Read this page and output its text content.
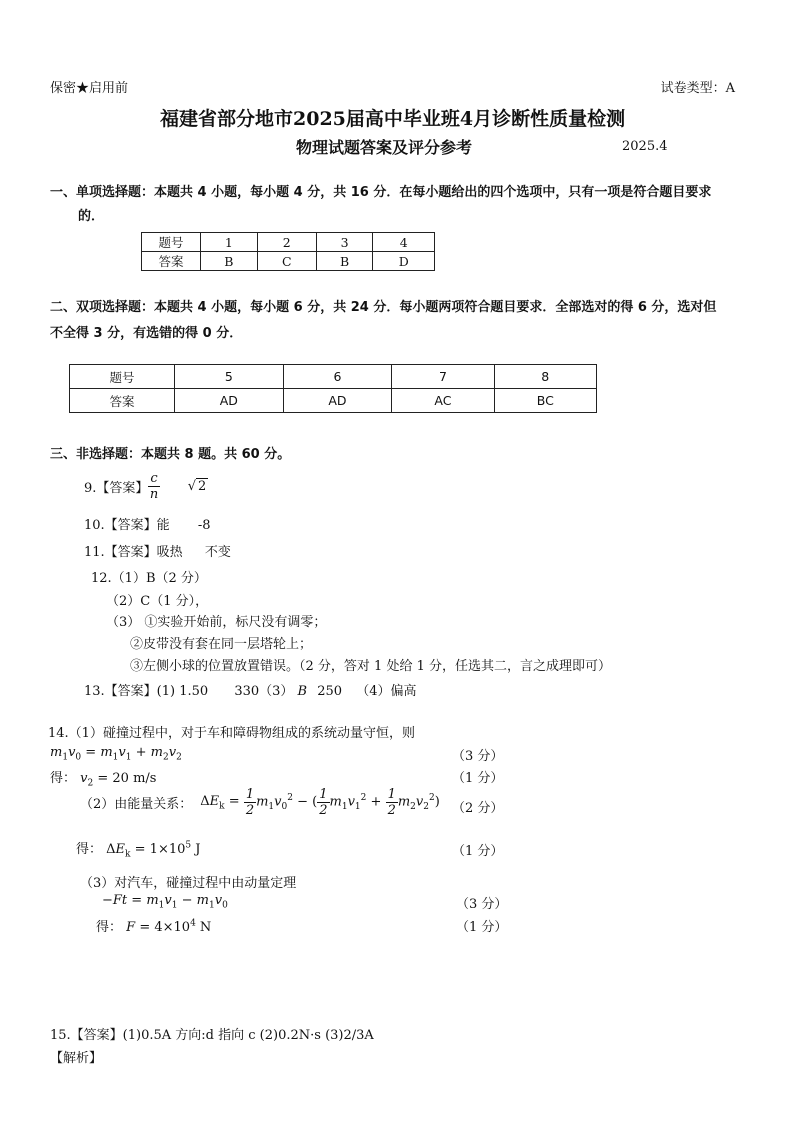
保密★启用前	试卷类型：A
福建省部分地市2025届高中毕业班4月诊断性质量检测
物理试题答案及评分参考	2025.4
一、单项选择题：本题共 4 小题，每小题 4 分，共 16 分．在每小题给出的四个选项中，只有一项是符合题目要求
的．
题号	1	2	3	4
答案	B	C	B	D
二、双项选择题：本题共 4 小题，每小题 6 分，共 24 分．每小题两项符合题目要求．全部选对的得 6 分，选对但
不全得 3 分，有选错的得 0 分．
题号	5	6	7	8
答案	AD	AD	AC	BC
三、非选择题：本题共 8 题。共 60 分。
9.【答案】 $\frac{c}{n}$ √ 2
10.【答案】能 -8
11.【答案】吸热 不变
12.（1）B（2 分）
（2）C（1 分），
（3） ①实验开始前，标尺没有调零；
②皮带没有套在同一层塔轮上；
③左侧小球的位置放置错误。（2 分，答对 1 处给 1 分，任选其二，言之成理即可）
13.【答案】(1) 1.50 330（3） B 250 （4）偏高
14.（1）碰撞过程中，对于车和障碍物组成的系统动量守恒，则
$m_1v_0 = m_1v_1 + m_2v_2$	（3 分）
得： $v_2 = 20$ m/s	（1 分）
（2）由能量关系： $\Delta E_k = \frac{1}{2} m_1v_0^2$ − ( $\frac{1}{2} m_1v_1^2 + \frac{1}{2} m_2v_2^2$) （2 分）
得： $\Delta E_k = 1\times 10^5$ J	（1 分）
（3）对汽车，碰撞过程中由动量定理
$-Ft = m_1v_1 - m_1v_0$	（3 分）
得： $F = 4\times 10^4$ N	（1 分）
15.【答案】(1)0.5A 方向:d 指向 c (2)0.2N·s (3)2/3A
【解析】
